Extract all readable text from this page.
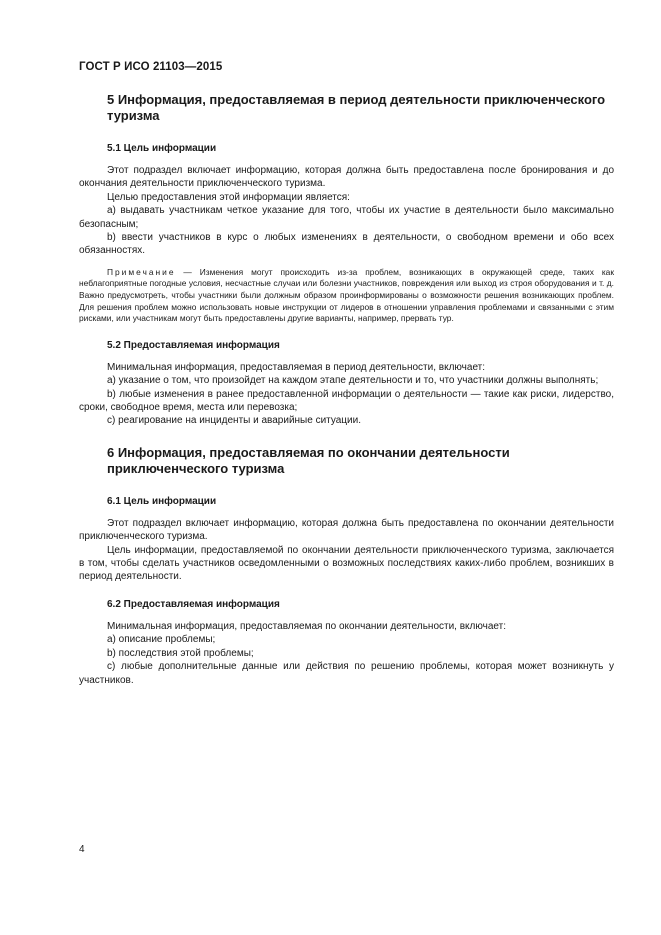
ГОСТ Р ИСО 21103—2015
5 Информация, предоставляемая в период деятельности приключенческого туризма
5.1 Цель информации

Этот подраздел включает информацию, которая должна быть предоставлена после бронирования и до окончания деятельности приключенческого туризма.

Целью предоставления этой информации является:

a) выдавать участникам четкое указание для того, чтобы их участие в деятельности было максимально безопасным;

b) ввести участников в курс о любых изменениях в деятельности, о свободном времени и обо всех обязанностях.

Примечание — Изменения могут происходить из-за проблем, возникающих в окружающей среде, таких как неблагоприятные погодные условия, несчастные случаи или болезни участников, повреждения или выход из строя оборудования и т. д. Важно предусмотреть, чтобы участники были должным образом проинформированы о возможности решения возникающих проблем. Для решения проблем можно использовать новые инструкции от лидеров в отношении управления проблемами и связанными с этим рисками, или участникам могут быть предоставлены другие варианты, например, прервать тур.

5.2 Предоставляемая информация

Минимальная информация, предоставляемая в период деятельности, включает:

a) указание о том, что произойдет на каждом этапе деятельности и то, что участники должны выполнять;

b) любые изменения в ранее предоставленной информации о деятельности — такие как риски, лидерство, сроки, свободное время, места или перевозка;

c) реагирование на инциденты и аварийные ситуации.

6 Информация, предоставляемая по окончании деятельности приключенческого туризма
6.1 Цель информации

Этот подраздел включает информацию, которая должна быть предоставлена по окончании деятельности приключенческого туризма.

Цель информации, предоставляемой по окончании деятельности приключенческого туризма, заключается в том, чтобы сделать участников осведомленными о возможных последствиях каких-либо проблем, возникших в период деятельности.

6.2 Предоставляемая информация

Минимальная информация, предоставляемая по окончании деятельности, включает:

a) описание проблемы;

b) последствия этой проблемы;

c) любые дополнительные данные или действия по решению проблемы, которая может возникнуть у участников.

4
